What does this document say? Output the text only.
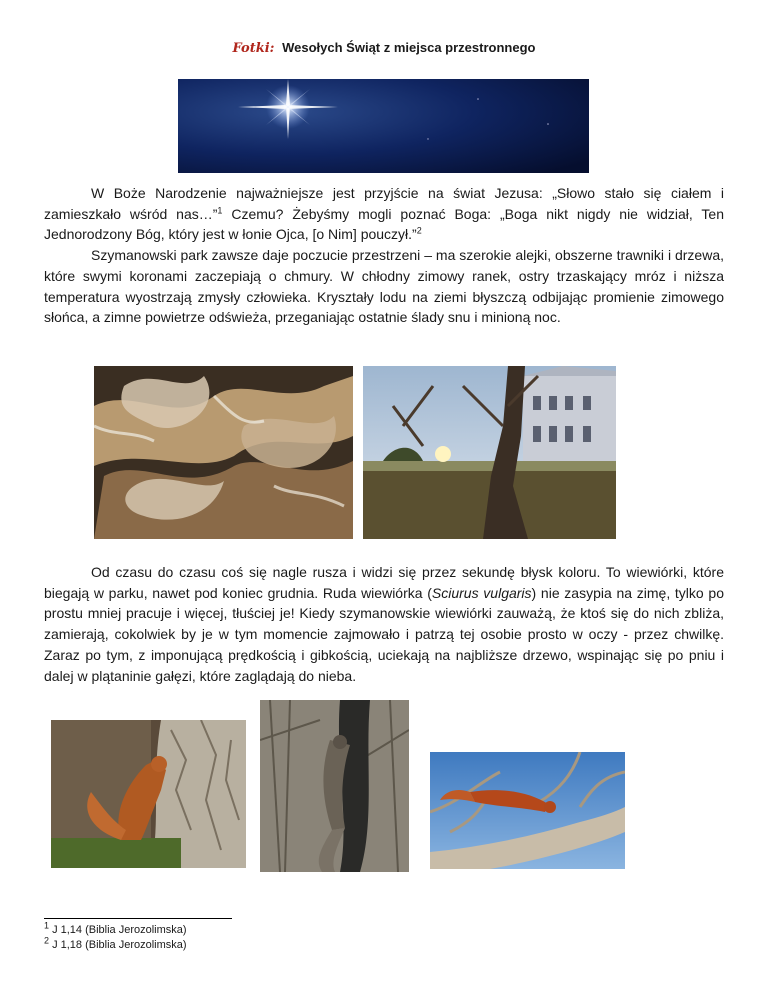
Fotki: Wesołych Świąt z miejsca przestronnego

W Boże Narodzenie najważniejsze jest przyjście na świat Jezusa: „Słowo stało się ciałem i zamieszkało wśród nas…”$^1$ Czemu? Żebyśmy mogli poznać Boga: „Boga nikt nigdy nie widział, Ten Jednorodzony Bóg, który jest w łonie Ojca, [o Nim] pouczył.”$^2$

Szymanowski park zawsze daje poczucie przestrzeni – ma szerokie alejki, obszerne trawniki i drzewa, które swymi koronami zaczepiają o chmury. W chłodny zimowy ranek, ostry trzaskający mróz i niższa temperatura wyostrzają zmysły człowieka. Kryształy lodu na ziemi błyszczą odbijając promienie zimowego słońca, a zimne powietrze odświeża, przeganiając ostatnie ślady snu i minioną noc.

Od czasu do czasu coś się nagle rusza i widzi się przez sekundę błysk koloru. To wiewiórki, które biegają w parku, nawet pod koniec grudnia. Ruda wiewiórka (Sciurus vulgaris) nie zasypia na zimę, tylko po prostu mniej pracuje i więcej, tłuściej je! Kiedy szymanowskie wiewiórki zauważą, że ktoś się do nich zbliża, zamierają, cokolwiek by je w tym momencie zajmowało i patrzą tej osobie prosto w oczy - przez chwilkę. Zaraz po tym, z imponującą prędkością i gibkością, uciekają na najbliższe drzewo, wspinając się po pniu i dalej w plątaninie gałęzi, które zaglądają do nieba.

$^1$ J 1,14 (Biblia Jerozolimska)
$^2$ J 1,18 (Biblia Jerozolimska)
